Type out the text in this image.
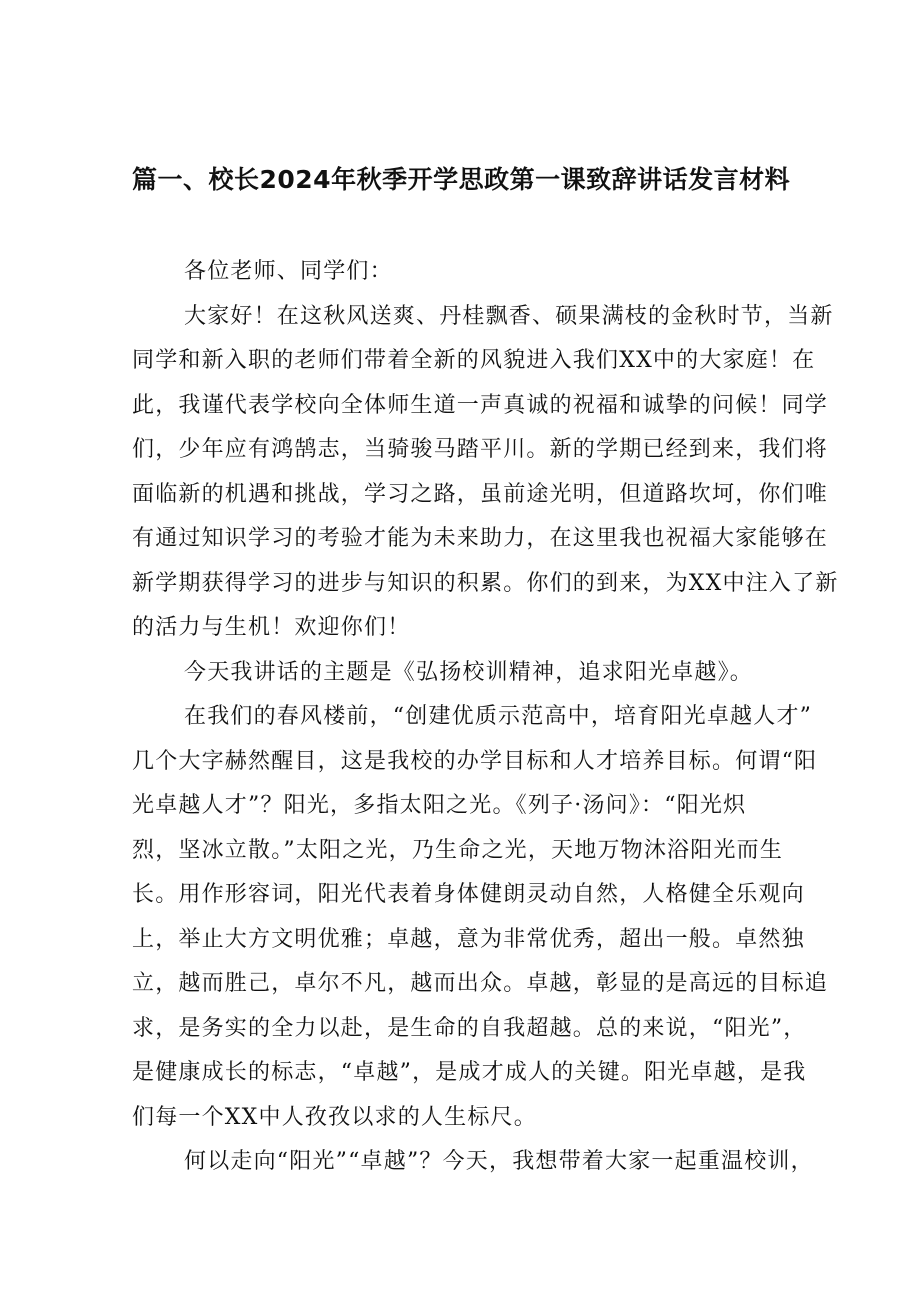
篇一、校长2024年秋季开学思政第一课致辞讲话发言材料
各位老师、同学们：
大家好！在这秋风送爽、丹桂飘香、硕果满枝的金秋时节，当新
同学和新入职的老师们带着全新的风貌进入我们XX中的大家庭！在
此，我谨代表学校向全体师生道一声真诚的祝福和诚挚的问候！同学
们，少年应有鸿鹄志，当骑骏马踏平川。新的学期已经到来，我们将
面临新的机遇和挑战，学习之路，虽前途光明，但道路坎坷，你们唯
有通过知识学习的考验才能为未来助力，在这里我也祝福大家能够在
新学期获得学习的进步与知识的积累。你们的到来，为XX中注入了新
的活力与生机！欢迎你们！
今天我讲话的主题是《弘扬校训精神，追求阳光卓越》。
在我们的春风楼前，“创建优质示范高中，培育阳光卓越人才”
几个大字赫然醒目，这是我校的办学目标和人才培养目标。何谓“阳
光卓越人才”？阳光，多指太阳之光。《列子·汤问》：“阳光炽
烈，坚冰立散。”太阳之光，乃生命之光，天地万物沐浴阳光而生
长。用作形容词，阳光代表着身体健朗灵动自然，人格健全乐观向
上，举止大方文明优雅；卓越，意为非常优秀，超出一般。卓然独
立，越而胜己，卓尔不凡，越而出众。卓越，彰显的是高远的目标追
求，是务实的全力以赴，是生命的自我超越。总的来说，“阳光”，
是健康成长的标志，“卓越”，是成才成人的关键。阳光卓越，是我
们每一个XX中人孜孜以求的人生标尺。
何以走向“阳光”“卓越”？今天，我想带着大家一起重温校训，
